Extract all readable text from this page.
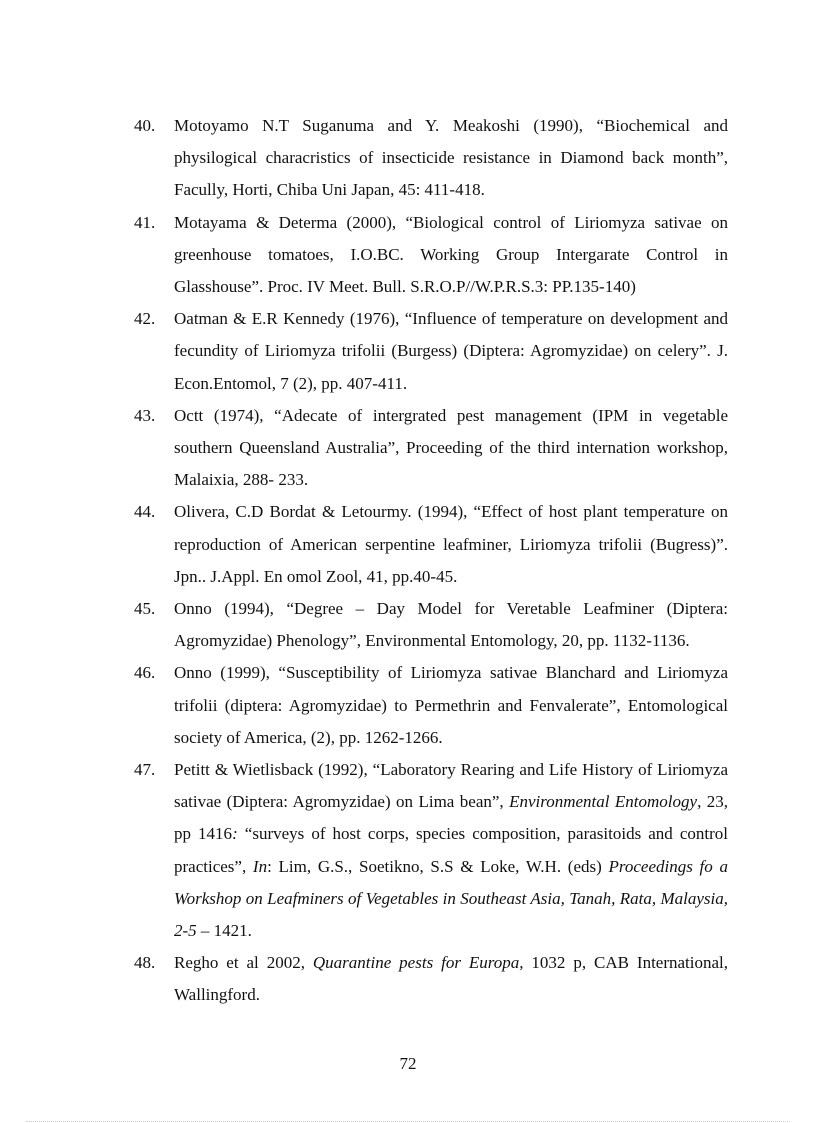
40.	Motoyamo N.T Suganuma and Y. Meakoshi (1990), “Biochemical and physilogical characristics of insecticide resistance in Diamond back month”, Facully, Horti, Chiba Uni Japan, 45: 411-418.
41.	Motayama & Determa (2000), “Biological control of Liriomyza sativae on greenhouse tomatoes, I.O.BC. Working Group Intergarate Control in Glasshouse”. Proc. IV Meet. Bull. S.R.O.P//W.P.R.S.3: PP.135-140)
42.	Oatman & E.R Kennedy (1976), “Influence of temperature on development and fecundity of Liriomyza trifolii (Burgess) (Diptera: Agromyzidae) on celery”. J. Econ.Entomol, 7 (2), pp. 407-411.
43.	Octt (1974), “Adecate of intergrated pest management (IPM in vegetable southern Queensland Australia”, Proceeding of the third internation workshop, Malaixia, 288- 233.
44.	Olivera, C.D Bordat & Letourmy. (1994), “Effect of host plant temperature on reproduction of American serpentine leafminer, Liriomyza trifolii (Bugress)”. Jpn.. J.Appl. En omol Zool, 41, pp.40-45.
45.	Onno (1994), “Degree – Day Model for Veretable Leafminer (Diptera: Agromyzidae) Phenology”, Environmental Entomology, 20, pp. 1132-1136.
46.	Onno (1999), “Susceptibility of Liriomyza sativae Blanchard and Liriomyza trifolii (diptera: Agromyzidae) to Permethrin and Fenvalerate”, Entomological society of America, (2), pp. 1262-1266.
47.	Petitt & Wietlisback (1992), “Laboratory Rearing and Life History of Liriomyza sativae (Diptera: Agromyzidae) on Lima bean”, Environmental Entomology, 23, pp 1416: “surveys of host corps, species composition, parasitoids and control practices”, In: Lim, G.S., Soetikno, S.S & Loke, W.H. (eds) Proceedings fo a Workshop on Leafminers of Vegetables in Southeast Asia, Tanah, Rata, Malaysia, 2-5 – 1421.
48.	Regho et al 2002, Quarantine pests for Europa, 1032 p, CAB International, Wallingford.
72
